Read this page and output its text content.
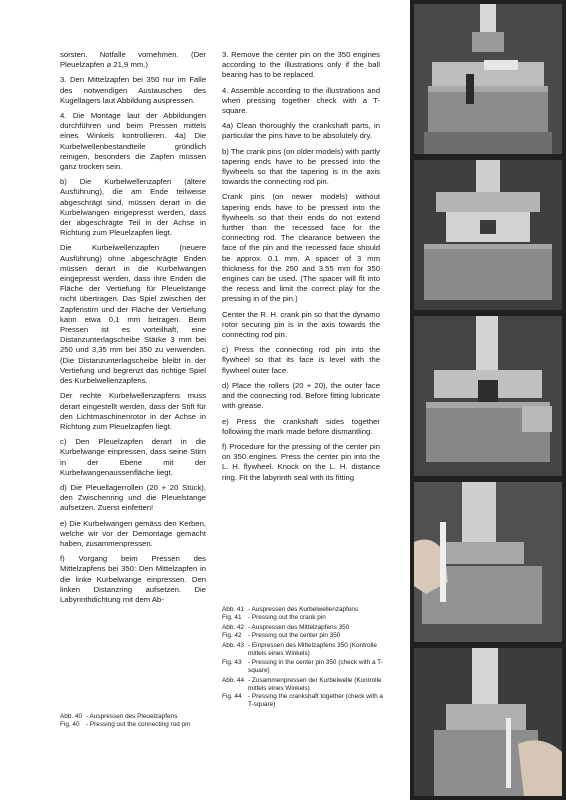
sorsten. Notfalle vornehmen. (Der Pleuelzapfen ⌀ 21,9 mm.)

3. Den Mittelzapfen bei 350 nur im Falle des notwendigen Austausches des Kugellagers laut Abbildung auspressen.

4. Die Montage laut der Abbildungen durchführen und beim Pressen mittels eines Winkels kontrollieren. 4a) Die Kurbelwellenbestandteile gründlich reinigen, besonders die Zapfen müssen ganz trocken sein.

b) Die Kurbelwellenzapfen (ältere Ausführung), die am Ende teilweise abgeschrägt sind, müssen derart in die Kurbelwangen eingepresst werden, dass der abgeschrägte Teil in der Achse in Richtung zum Pleuelzapfen liegt.

Die Kurbelwellenzapfen (neuere Ausführung) ohne abgeschrägte Enden müssen derart in die Kurbelwangen eingepresst werden, dass ihre Enden die Fläche der Vertiefung für Pleuelstange nicht übertragen. Das Spiel zwischen der Zapfenstirn und der Fläche der Vertiefung kann etwa 0,1 mm betragen. Beim Pressen ist es vorteilhaft, eine Distanzunterlagscheibe Stärke 3 mm bei 250 und 3,35 mm bei 350 zu verwenden. (Die Distanzunterlagscheibe bleibt in der Vertiefung und begrenzt das richtige Spiel des Kurbelwellenzapfens.

Der rechte Kurbelwellenzapfens muss derart eingestellt werden, dass der Stift für den Lichtmaschinenrotor in der Achse in Richtung zum Pleuelzapfen liegt.

c) Den Pleuelzapfen derart in die Kurbelwange einpressen, dass seine Stirn in der Ebene mit der Kurbelwangenaussenfläche liegt.

d) Die Pleuellagerrollen (20 + 20 Stück), den Zwischenring und die Pleuelstange aufsetzen. Zuerst einfetten!

e) Die Kurbelwangen gemäss den Kerben, welche wir vor der Demontage gemacht haben, zusammenpressen.

f) Vorgang beim Pressen des Mittelzapfens bei 350: Den Mittelzapfen in die linke Kurbelwange einpressen. Den linken Distanzring aufsetzen. Die Labyrinthdichtung mit dem Ab-

3. Remove the center pin on the 350 engines according to the illustrations only if the ball bearing has to be replaced.

4. Assemble according to the illustrations and when pressing together check with a T-square.

4a) Clean thoroughly the crankshaft parts, in particular the pins have to be absolutely dry.

b) The crank pins (on older models) with partly tapering ends have to be pressed into the flywheels so that the tapering is in the axis towards the connecting rod pin.

Crank pins (on newer models) without tapering ends have to be pressed into the flywheels so that their ends do not extend further than the recessed face for the connecting rod. The clearance between the face of the pin and the recessed face should be approx. 0.1 mm. A spacer of 3 mm thickness for the 250 and 3.55 mm for 350 engines can be used. (The spacer will fit into the recess and limit the correct play for the pressing in of the pin.)

Center the R. H. crank pin so that the dynamo rotor securing pin is in the axis towards the connecting rod pin.

c) Press the connecting rod pin into the flywheel so that its face is level with the flywheel outer face.

d) Place the rollers (20 + 20), the outer face and the connecting rod. Before fitting lubricate with grease.

e) Press the crankshaft sides together following the mark made before dismantling.

f) Procedure for the pressing of the center pin on 350 engines. Press the center pin into the L. H. flywheel. Knock on the L. H. distance ring. Fit the labyrinth seal with its fitting

Abb. 40 - Auspressen des Pleuelzapfens
Fig. 40	- Pressing out the connecting rod pin
Abb. 41 - Auspressen des Kurbelwellenzapfens
Fig. 41	- Pressing out the crank pin
Abb. 42 - Auspressen des Mittelzapfens 350
Fig. 42	- Pressing out the center pin 350
Abb. 43 - Einpressen des Mittelzapfens 350 (Kontrolle mittels eines Winkels)
Fig. 43	- Pressing in the center pin 350 (check with a T-square)
Abb. 44 - Zusammenpressen der Kurbelwelle (Kontrolle mittels eines Winkels)
Fig. 44	- Pressing the crankshaft together (check with a T-square)
